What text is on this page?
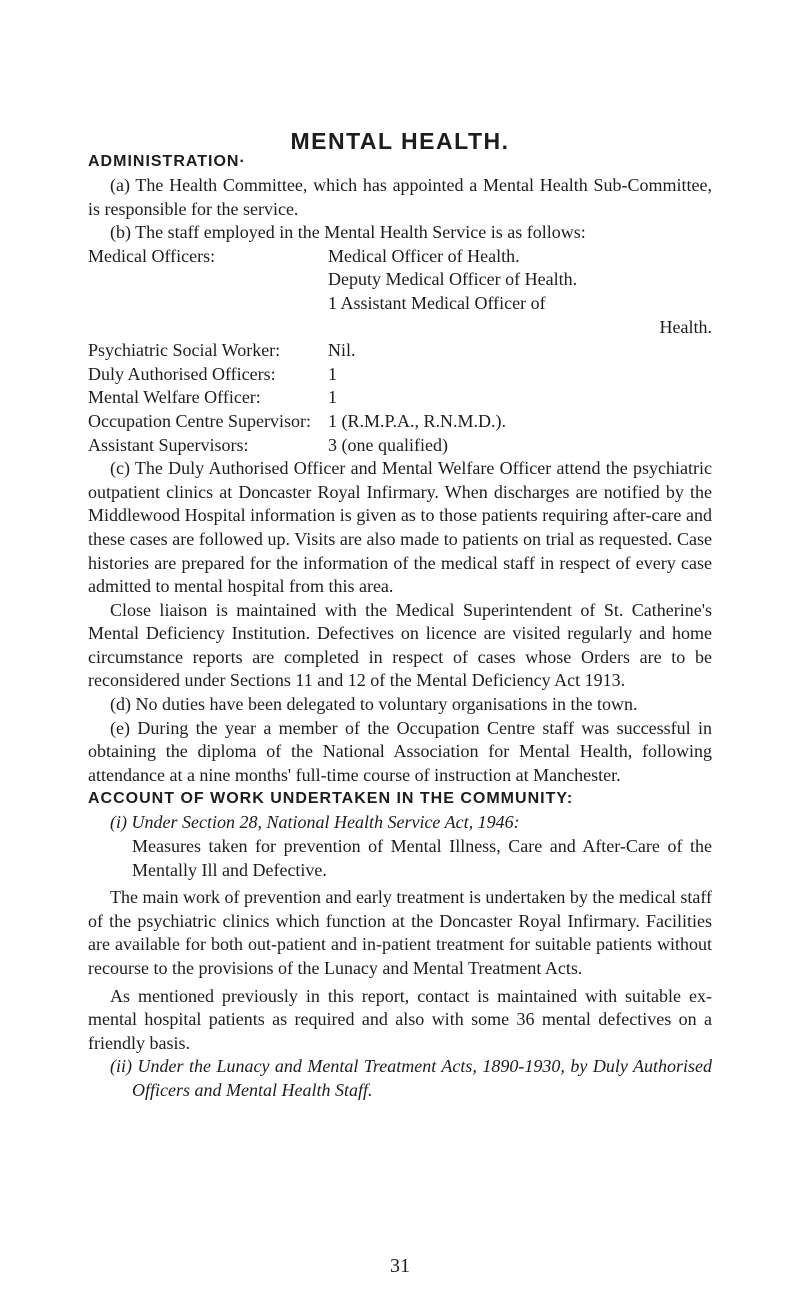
MENTAL HEALTH.
ADMINISTRATION·

(a) The Health Committee, which has appointed a Mental Health Sub-Committee, is responsible for the service.

(b) The staff employed in the Mental Health Service is as follows:

Medical Officers:	Medical Officer of Health.
Deputy Medical Officer of Health.
1 Assistant Medical Officer of
Health.
Psychiatric Social Worker:	Nil.
Duly Authorised Officers:	1
Mental Welfare Officer:	1
Occupation Centre Supervisor: 1 (R.M.P.A., R.N.M.D.).
Assistant Supervisors:	3 (one qualified)

(c) The Duly Authorised Officer and Mental Welfare Officer attend the psychiatric outpatient clinics at Doncaster Royal Infirmary. When discharges are notified by the Middlewood Hospital information is given as to those patients requiring after-care and these cases are followed up. Visits are also made to patients on trial as requested. Case histories are prepared for the information of the medical staff in respect of every case admitted to mental hospital from this area.

Close liaison is maintained with the Medical Superintendent of St. Catherine's Mental Deficiency Institution. Defectives on licence are visited regularly and home circumstance reports are completed in respect of cases whose Orders are to be reconsidered under Sections 11 and 12 of the Mental Deficiency Act 1913.

(d) No duties have been delegated to voluntary organisations in the town.

(e) During the year a member of the Occupation Centre staff was successful in obtaining the diploma of the National Association for Mental Health, following attendance at a nine months' full-time course of instruction at Manchester.

ACCOUNT OF WORK UNDERTAKEN IN THE COMMUNITY:

(i) Under Section 28, National Health Service Act, 1946:

Measures taken for prevention of Mental Illness, Care and After-Care of the Mentally Ill and Defective.

The main work of prevention and early treatment is undertaken by the medical staff of the psychiatric clinics which function at the Doncaster Royal Infirmary. Facilities are available for both out-patient and in-patient treatment for suitable patients without recourse to the provisions of the Lunacy and Mental Treatment Acts.

As mentioned previously in this report, contact is maintained with suitable ex-mental hospital patients as required and also with some 36 mental defectives on a friendly basis.

(ii) Under the Lunacy and Mental Treatment Acts, 1890-1930, by Duly Authorised Officers and Mental Health Staff.

31
